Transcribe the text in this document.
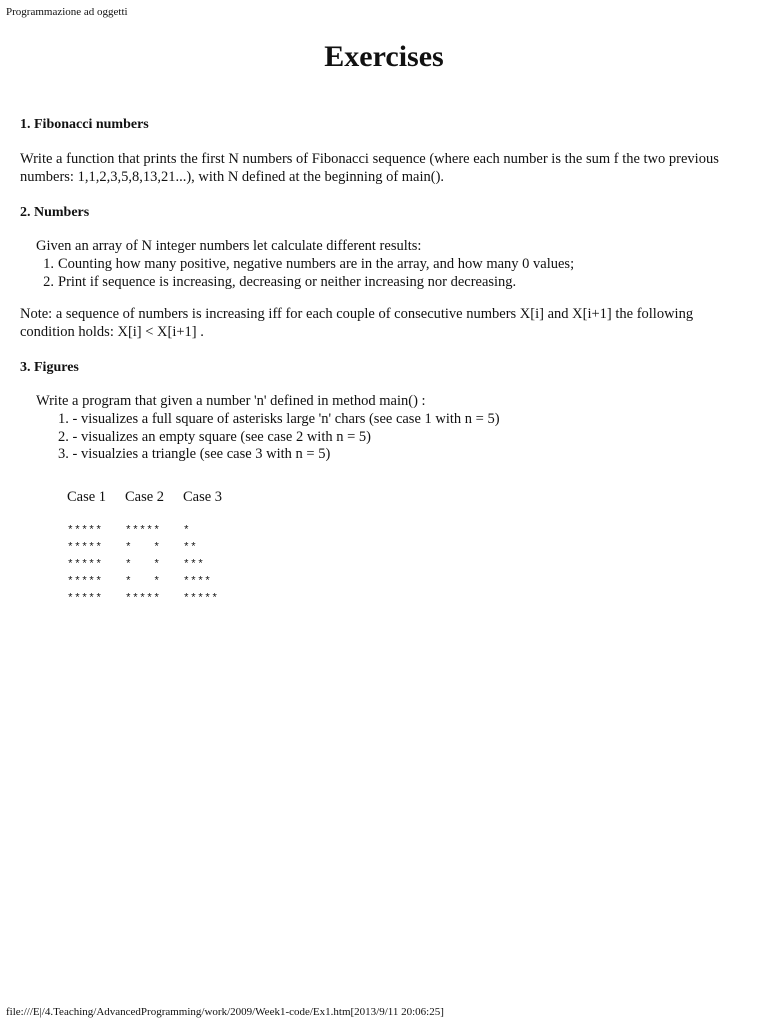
Programmazione ad oggetti
Exercises
1. Fibonacci numbers

Write a function that prints the first N numbers of Fibonacci sequence (where each number is the sum f the two previous numbers: 1,1,2,3,5,8,13,21...), with N defined at the beginning of main().

2. Numbers

Given an array of N integer numbers let calculate different results:

1. Counting how many positive, negative numbers are in the array, and how many 0 values;
2. Print if sequence is increasing, decreasing or neither increasing nor decreasing.

Note: a sequence of numbers is increasing iff for each couple of consecutive numbers X[i] and X[i+1] the following condition holds: X[i] < X[i+1] .

3. Figures

Write a program that given a number 'n' defined in method main() :

1. - visualizes a full square of asterisks large 'n' chars (see case 1 with n = 5)
2. - visualizes an empty square (see case 2 with n = 5)
3. - visualzies a triangle (see case 3 with n = 5)
Case 1
*****
*****
*****
*****
*****
Case 2
*****
*   *
*   *
*   *
*****
Case 3
*
**
***
****
*****
file:///E|/4.Teaching/AdvancedProgramming/work/2009/Week1-code/Ex1.htm[2013/9/11 20:06:25]
